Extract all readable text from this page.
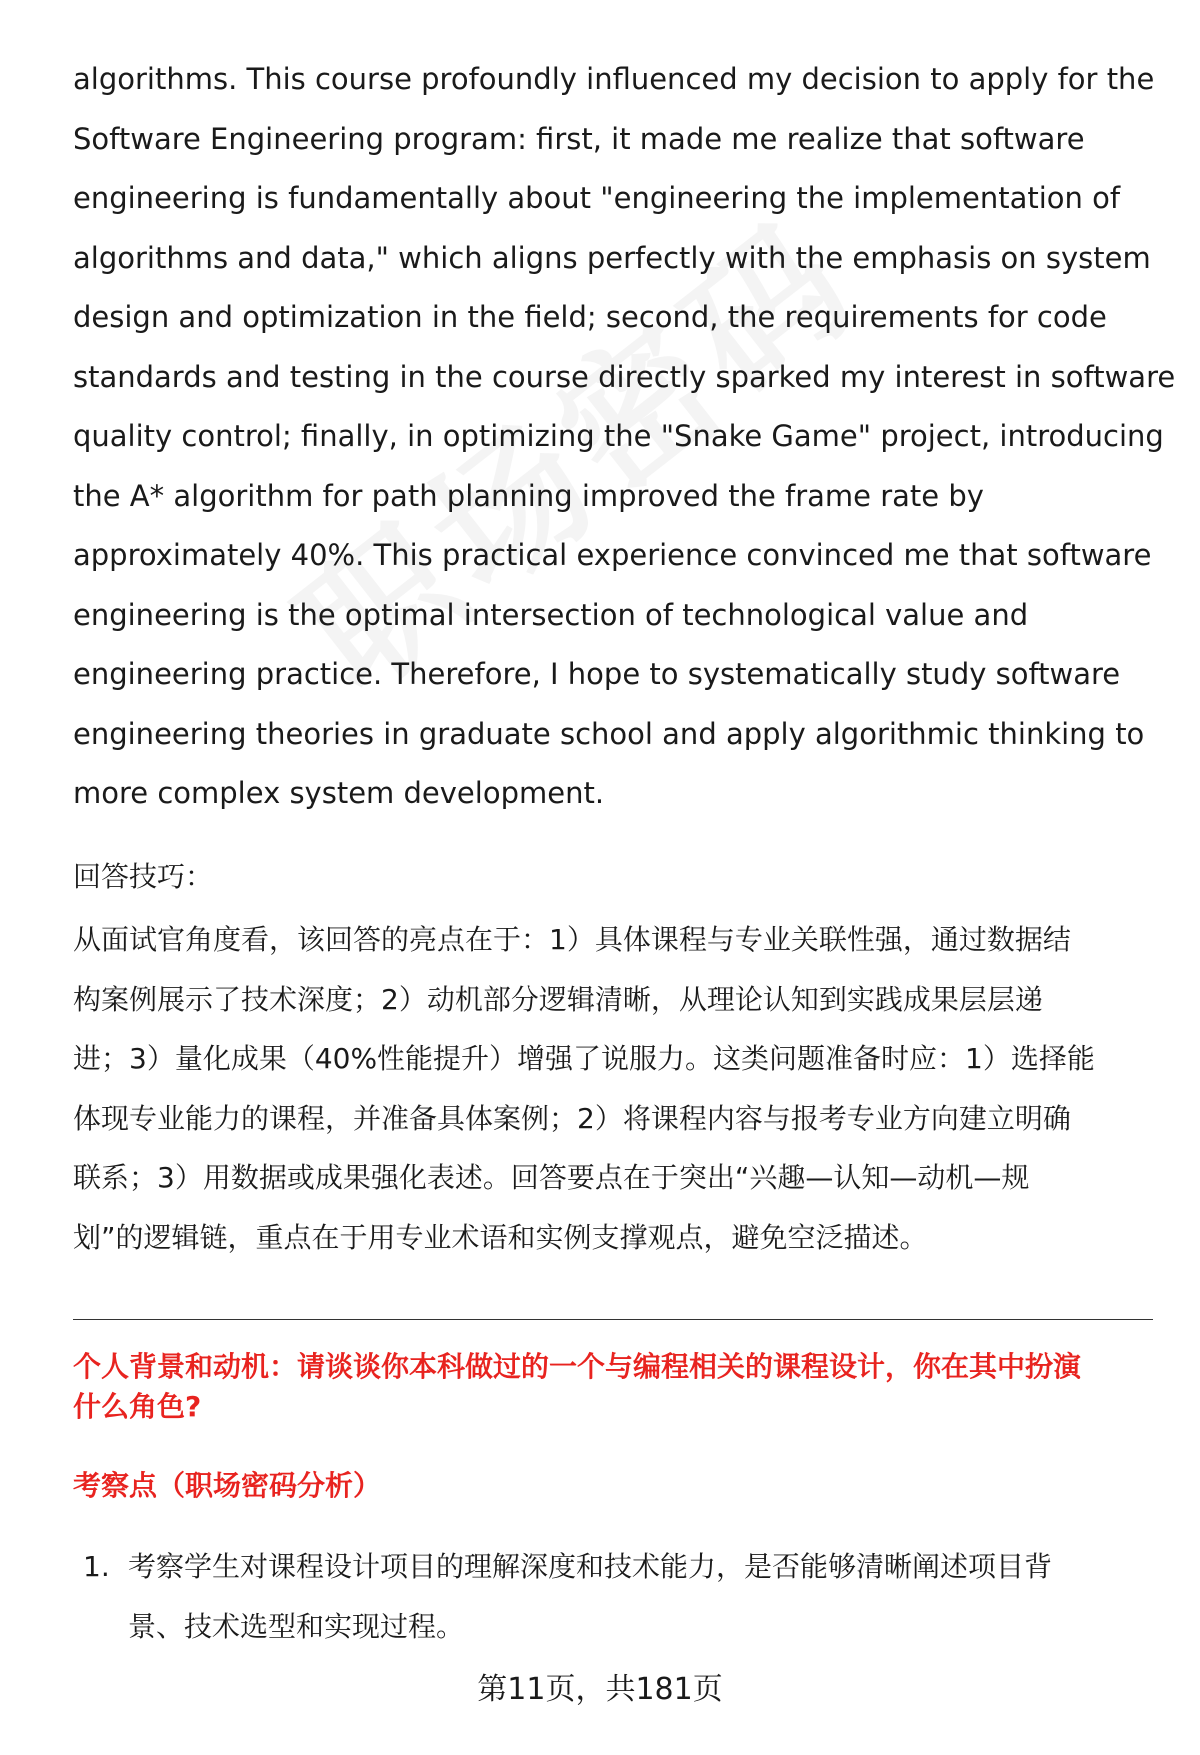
algorithms. This course profoundly influenced my decision to apply for the
Software Engineering program: first, it made me realize that software
engineering is fundamentally about "engineering the implementation of
algorithms and data," which aligns perfectly with the emphasis on system
design and optimization in the field; second, the requirements for code
standards and testing in the course directly sparked my interest in software
quality control; finally, in optimizing the "Snake Game" project, introducing
the A* algorithm for path planning improved the frame rate by
approximately 40%. This practical experience convinced me that software
engineering is the optimal intersection of technological value and
engineering practice. Therefore, I hope to systematically study software
engineering theories in graduate school and apply algorithmic thinking to
more complex system development.

回答技巧：

从面试官角度看，该回答的亮点在于：1）具体课程与专业关联性强，通过数据结
构案例展示了技术深度；2）动机部分逻辑清晰，从理论认知到实践成果层层递
进；3）量化成果（40%性能提升）增强了说服力。这类问题准备时应：1）选择能
体现专业能力的课程，并准备具体案例；2）将课程内容与报考专业方向建立明确
联系；3）用数据或成果强化表述。回答要点在于突出“兴趣—认知—动机—规
划”的逻辑链，重点在于用专业术语和实例支撑观点，避免空泛描述。

个人背景和动机：请谈谈你本科做过的一个与编程相关的课程设计，你在其中扮演
什么角色?
考察点（职场密码分析）
1. 考察学生对课程设计项目的理解深度和技术能力，是否能够清晰阐述项目背
景、技术选型和实现过程。

第11页，共181页
